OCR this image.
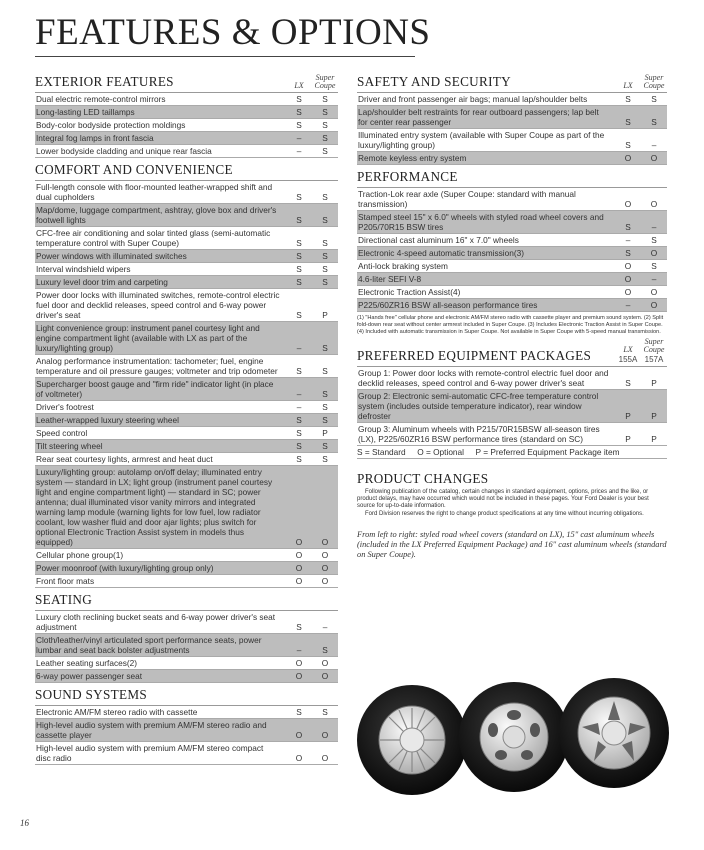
FEATURES & OPTIONS
EXTERIOR FEATURES	LX
Super
Coupe
Dual electric remote-control mirrors	S	S
Long-lasting LED taillamps	S	S
Body-color bodyside protection moldings	S	S
Integral fog lamps in front fascia	–	S
Lower bodyside cladding and unique rear fascia	–	S
COMFORT AND CONVENIENCE
Full-length console with floor-mounted leather-wrapped shift and dual cupholders	S	S
Map/dome, luggage compartment, ashtray, glove box and driver's footwell lights	S	S
CFC-free air conditioning and solar tinted glass (semi-automatic temperature control with Super Coupe)	S	S
Power windows with illuminated switches	S	S
Interval windshield wipers	S	S
Luxury level door trim and carpeting	S	S
Power door locks with illuminated switches, remote-control electric fuel door and decklid releases, speed control and 6-way power driver's seat	S	P
Light convenience group: instrument panel courtesy light and engine compartment light (available with LX as part of the luxury/lighting group)	–	S
Analog performance instrumentation: tachometer; fuel, engine temperature and oil pressure gauges; voltmeter and trip odometer	S	S
Supercharger boost gauge and "firm ride" indicator light (in place of voltmeter)	–	S
Driver's footrest	–	S
Leather-wrapped luxury steering wheel	S	S
Speed control	S	P
Tilt steering wheel	S	S
Rear seat courtesy lights, armrest and heat duct	S	S
Luxury/lighting group: autolamp on/off delay; illuminated entry system — standard in LX; light group (instrument panel courtesy light and engine compartment light) — standard in SC; power antenna; dual illuminated visor vanity mirrors and integrated warning lamp module (warning lights for low fuel, low radiator coolant, low washer fluid and door ajar lights; plus switch for optional Electronic Traction Assist system in models thus equipped)	O	O
Cellular phone group(1)	O	O
Power moonroof (with luxury/lighting group only)	O	O
Front floor mats	O	O
SEATING
Luxury cloth reclining bucket seats and 6-way power driver's seat adjustment	S	–
Cloth/leather/vinyl articulated sport performance seats, power lumbar and seat back bolster adjustments	–	S
Leather seating surfaces(2)	O	O
6-way power passenger seat	O	O
SOUND SYSTEMS
Electronic AM/FM stereo radio with cassette	S	S
High-level audio system with premium AM/FM stereo radio and cassette player	O	O
High-level audio system with premium AM/FM stereo compact disc radio	O	O
SAFETY AND SECURITY	LX
Super
Coupe
Driver and front passenger air bags; manual lap/shoulder belts	S	S
Lap/shoulder belt restraints for rear outboard passengers; lap belt for center rear passenger	S	S
Illuminated entry system (available with Super Coupe as part of the luxury/lighting group)	S	–
Remote keyless entry system	O	O
PERFORMANCE
Traction-Lok rear axle (Super Coupe: standard with manual transmission)	O	O
Stamped steel 15" x 6.0" wheels with styled road wheel covers and P205/70R15 BSW tires	S	–
Directional cast aluminum 16" x 7.0" wheels	–	S
Electronic 4-speed automatic transmission(3)	S	O
Anti-lock braking system	O	S
4.6-liter SEFI V-8	O	–
Electronic Traction Assist(4)	O	O
P225/60ZR16 BSW all-season performance tires	–	O
(1) "Hands free" cellular phone and electronic AM/FM stereo radio with cassette player and premium sound system. (2) Split fold-down rear seat without center armrest included in Super Coupe. (3) Includes Electronic Traction Assist in Super Coupe. (4) Included with automatic transmission in Super Coupe. Not available in Super Coupe with 5-speed manual transmission.
PREFERRED EQUIPMENT PACKAGES	LX
Super
Coupe
155A 157A
Group 1: Power door locks with remote-control electric fuel door and decklid releases, speed control and 6-way power driver's seat	S	P
Group 2: Electronic semi-automatic CFC-free temperature control system (includes outside temperature indicator), rear window defroster	P	P
Group 3: Aluminum wheels with P215/70R15BSW all-season tires (LX), P225/60ZR16 BSW performance tires (standard on SC)	P	P
S = Standard     O = Optional     P = Preferred Equipment Package item
PRODUCT CHANGES
Following publication of the catalog, certain changes in standard equipment, options, prices and the like, or product delays, may have occurred which would not be included in these pages. Your Ford Dealer is your best source for up-to-date information.
Ford Division reserves the right to change product specifications at any time without incurring obligations.
From left to right: styled road wheel covers (standard on LX), 15" cast aluminum wheels (included in the LX Preferred Equipment Package) and 16" cast aluminum wheels (standard on Super Coupe).
16
